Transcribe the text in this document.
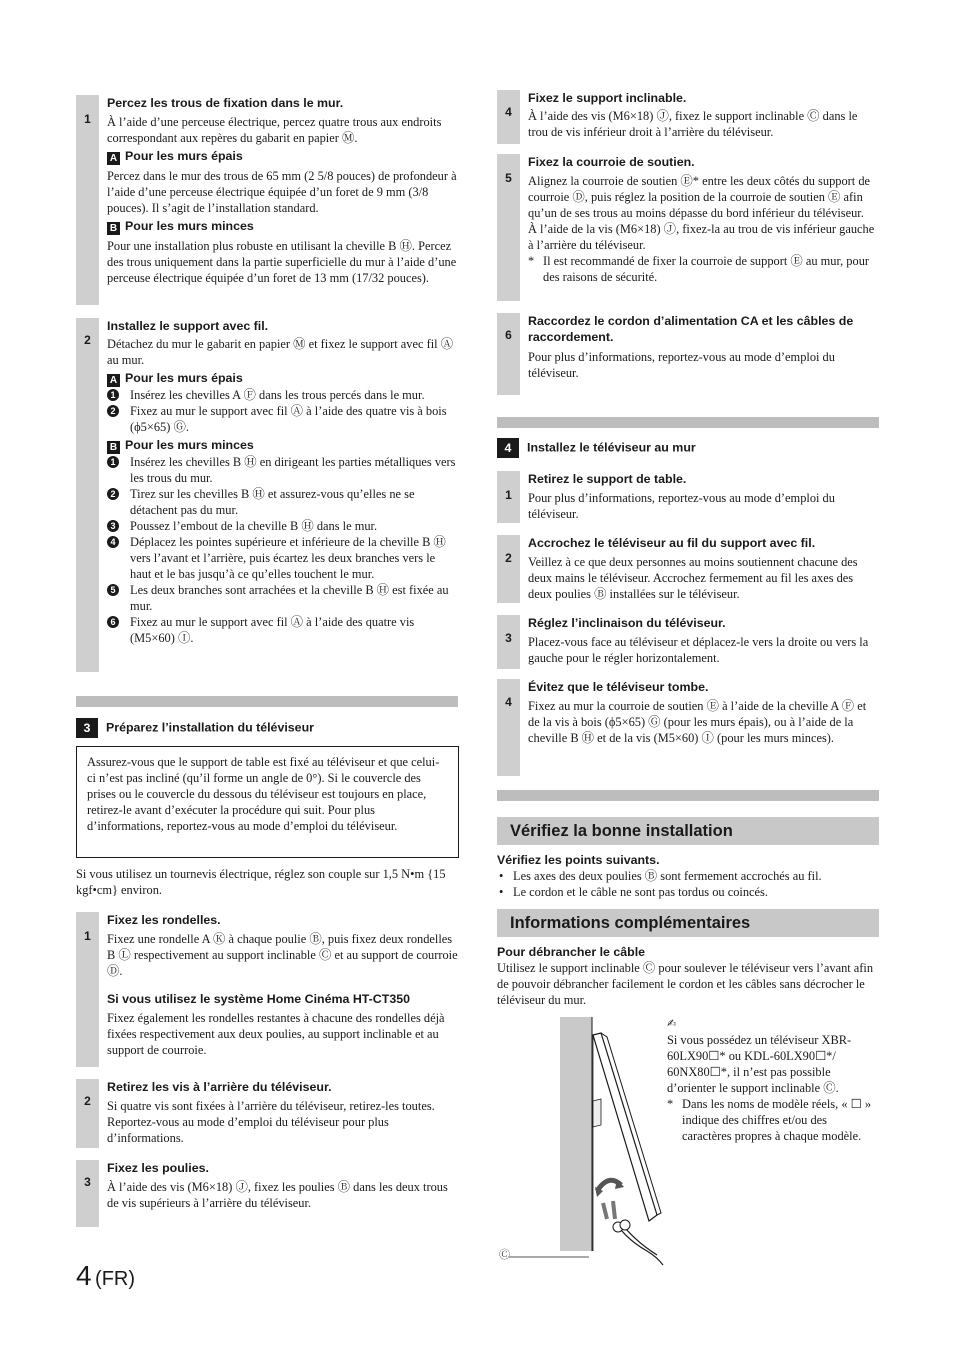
1

Percez les trous de fixation dans le mur.

À l’aide d’une perceuse électrique, percez quatre trous aux endroits correspondant aux repères du gabarit en papier Ⓜ.

A Pour les murs épais

Percez dans le mur des trous de 65 mm (2 5/8 pouces) de profondeur à l’aide d’une perceuse électrique équipée d’un foret de 9 mm (3/8 pouces). Il s’agit de l’installation standard.

B Pour les murs minces

Pour une installation plus robuste en utilisant la cheville B Ⓗ. Percez des trous uniquement dans la partie superficielle du mur à l’aide d’une perceuse électrique équipée d’un foret de 13 mm (17/32 pouces).

2

Installez le support avec fil.

Détachez du mur le gabarit en papier Ⓜ et fixez le support avec fil Ⓐ au mur.

A Pour les murs épais

1 Insérez les chevilles A Ⓕ dans les trous percés dans le mur.

2 Fixez au mur le support avec fil Ⓐ à l’aide des quatre vis à bois (ϕ5×65) Ⓖ.

B Pour les murs minces

1 Insérez les chevilles B Ⓗ en dirigeant les parties métalliques vers les trous du mur.

2 Tirez sur les chevilles B Ⓗ et assurez-vous qu’elles ne se détachent pas du mur.

3 Poussez l’embout de la cheville B Ⓗ dans le mur.

4 Déplacez les pointes supérieure et inférieure de la cheville B Ⓗ vers l’avant et l’arrière, puis écartez les deux branches vers le haut et le bas jusqu’à ce qu’elles touchent le mur.

5 Les deux branches sont arrachées et la cheville B Ⓗ est fixée au mur.

6 Fixez au mur le support avec fil Ⓐ à l’aide des quatre vis (M5×60) Ⓘ.

3 Préparez l’installation du téléviseur

Assurez-vous que le support de table est fixé au téléviseur et que celui-ci n’est pas incliné (qu’il forme un angle de 0°). Si le couvercle des prises ou le couvercle du dessous du téléviseur est toujours en place, retirez-le avant d’exécuter la procédure qui suit. Pour plus d’informations, reportez-vous au mode d’emploi du téléviseur.

Si vous utilisez un tournevis électrique, réglez son couple sur 1,5 N•m {15 kgf•cm} environ.

1

Fixez les rondelles.

Fixez une rondelle A Ⓚ à chaque poulie Ⓑ, puis fixez deux rondelles B Ⓛ respectivement au support inclinable Ⓒ et au support de courroie Ⓓ.

Si vous utilisez le système Home Cinéma HT-CT350

Fixez également les rondelles restantes à chacune des rondelles déjà fixées respectivement aux deux poulies, au support inclinable et au support de courroie.

2

Retirez les vis à l’arrière du téléviseur.

Si quatre vis sont fixées à l’arrière du téléviseur, retirez-les toutes. Reportez-vous au mode d’emploi du téléviseur pour plus d’informations.

3

Fixez les poulies.

À l’aide des vis (M6×18) Ⓙ, fixez les poulies Ⓑ dans les deux trous de vis supérieurs à l’arrière du téléviseur.

4

Fixez le support inclinable.

À l’aide des vis (M6×18) Ⓙ, fixez le support inclinable Ⓒ dans le trou de vis inférieur droit à l’arrière du téléviseur.

5

Fixez la courroie de soutien.

Alignez la courroie de soutien Ⓔ* entre les deux côtés du support de courroie Ⓓ, puis réglez la position de la courroie de soutien Ⓔ afin qu’un de ses trous au moins dépasse du bord inférieur du téléviseur.

À l’aide de la vis (M6×18) Ⓙ, fixez-la au trou de vis inférieur gauche à l’arrière du téléviseur.

* Il est recommandé de fixer la courroie de support Ⓔ au mur, pour des raisons de sécurité.

6

Raccordez le cordon d’alimentation CA et les câbles de raccordement.

Pour plus d’informations, reportez-vous au mode d’emploi du téléviseur.

4 Installez le téléviseur au mur
1

Retirez le support de table.

Pour plus d’informations, reportez-vous au mode d’emploi du téléviseur.

2

Accrochez le téléviseur au fil du support avec fil.

Veillez à ce que deux personnes au moins soutiennent chacune des deux mains le téléviseur. Accrochez fermement au fil les axes des deux poulies Ⓑ installées sur le téléviseur.

3

Réglez l’inclinaison du téléviseur.

Placez-vous face au téléviseur et déplacez-le vers la droite ou vers la gauche pour le régler horizontalement.

4

Évitez que le téléviseur tombe.

Fixez au mur la courroie de soutien Ⓔ à l’aide de la cheville A Ⓕ et de la vis à bois (ϕ5×65) Ⓖ (pour les murs épais), ou à l’aide de la cheville B Ⓗ et de la vis (M5×60) Ⓘ (pour les murs minces).

Vérifiez la bonne installation

Vérifiez les points suivants.

• Les axes des deux poulies Ⓑ sont fermement accrochés au fil.

• Le cordon et le câble ne sont pas tordus ou coincés.

Informations complémentaires

Pour débrancher le câble

Utilisez le support inclinable Ⓒ pour soulever le téléviseur vers l’avant afin de pouvoir débrancher facilement le cordon et les câbles sans décrocher le téléviseur du mur.

Ⓒ

✍

Si vous possédez un téléviseur XBR-60LX90☐* ou KDL-60LX90☐*/ 60NX80☐*, il n’est pas possible d’orienter le support inclinable Ⓒ.

* Dans les noms de modèle réels, « ☐ » indique des chiffres et/ou des caractères propres à chaque modèle.

4 (FR)
